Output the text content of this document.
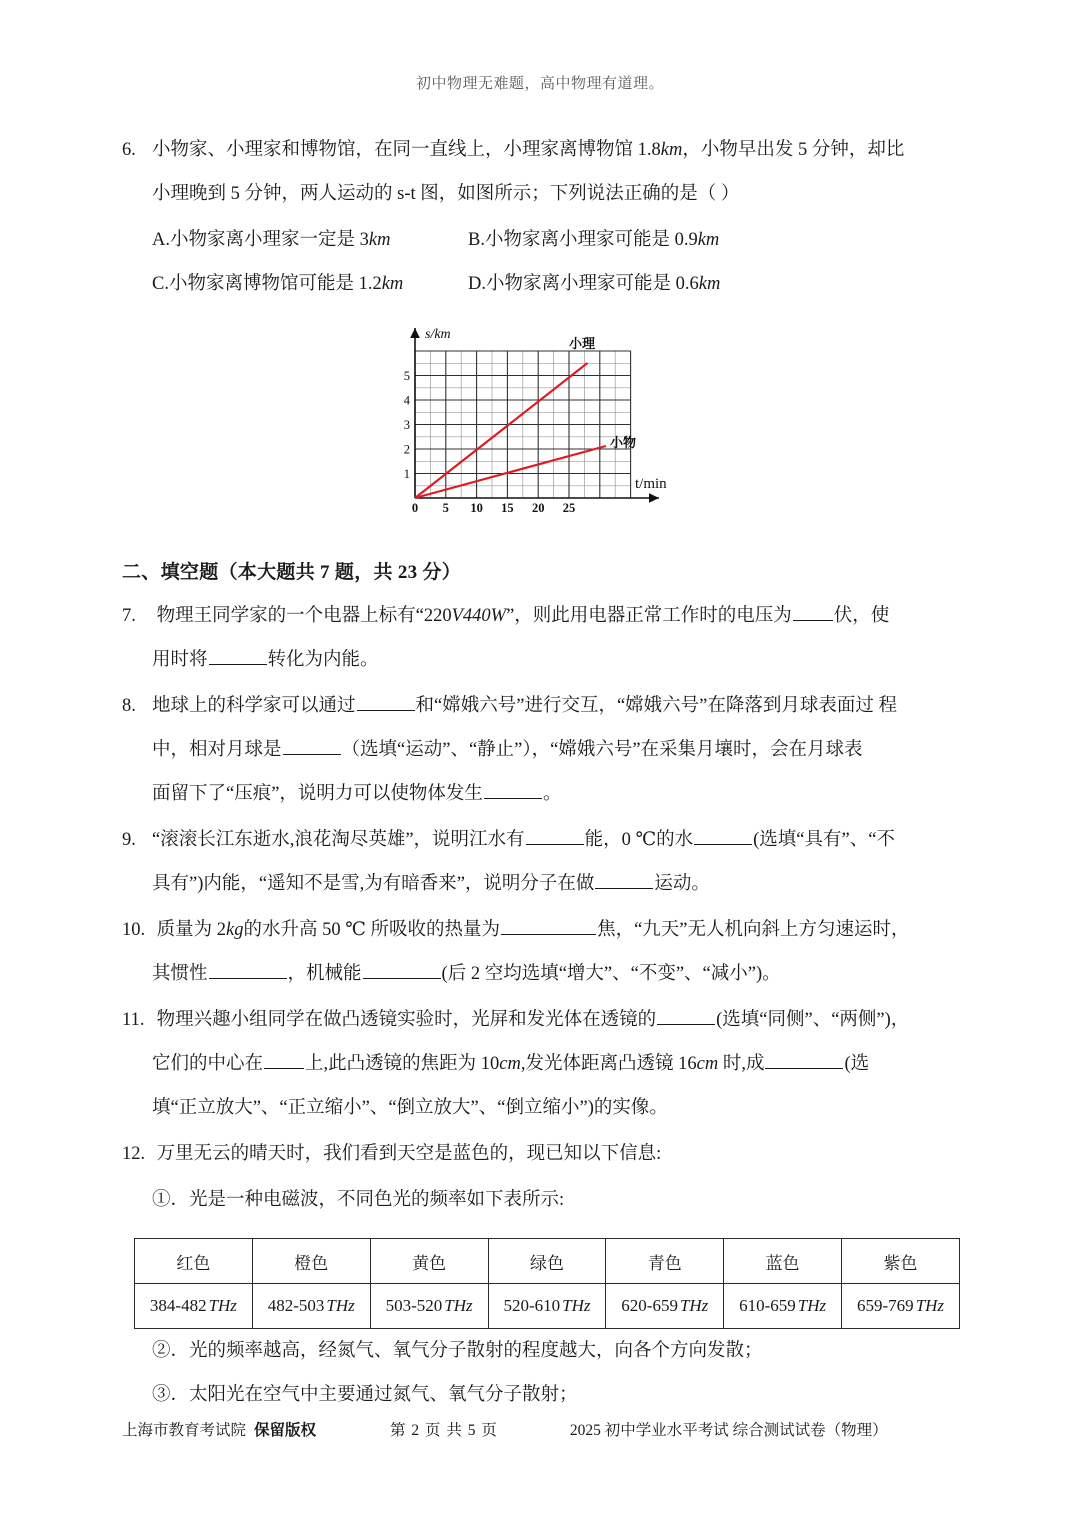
初中物理无难题，高中物理有道理。
6. 小物家、小理家和博物馆，在同一直线上，小理家离博物馆 1.8km，小物早出发 5 分钟，却比
小理晚到 5 分钟，两人运动的 s-t 图，如图所示；下列说法正确的是（ ）
A.小物家离小理家一定是 3km	B.小物家离小理家可能是 0.9km
C.小物家离博物馆可能是 1.2km	D.小物家离小理家可能是 0.6km
s/km
t/min
1
2
3
4
5
0 5 10 15 20 25
小理
小物
二、填空题（本大题共 7 题，共 23 分）
7. 物理王同学家的一个电器上标有“220V440W”，则此用电器正常工作时的电压为 伏，使
用时将	转化为内能。
8. 地球上的科学家可以通过	和“嫦娥六号”进行交互，“嫦娥六号”在降落到月球表面过 程
中，相对月球是	（选填“运动”、“静止”），“嫦娥六号”在采集月壤时，会在月球表
面留下了“压痕”，说明力可以使物体发生	。
9. “滚滚长江东逝水,浪花淘尽英雄”，说明江水有	能，0 ℃的水	(选填“具有”、“不
具有”)内能，“遥知不是雪,为有暗香来”，说明分子在做	运动。
10. 质量为 2kg的水升高 50 ℃ 所吸收的热量为	焦，“九天”无人机向斜上方匀速运时，
其惯性	，机械能	(后 2 空均选填“增大”、“不变”、“减小”)。
11. 物理兴趣小组同学在做凸透镜实验时，光屏和发光体在透镜的	(选填“同侧”、“两侧”)，
它们的中心在 上,此凸透镜的焦距为 10cm,发光体距离凸透镜 16cm 时,成	(选
填“正立放大”、“正立缩小”、“倒立放大”、“倒立缩小”)的实像。
12. 万里无云的晴天时，我们看到天空是蓝色的，现已知以下信息:
①．光是一种电磁波，不同色光的频率如下表所示:
红色	橙色	黄色	绿色	青色	蓝色	紫色
384-482 THz	482-503 THz	503-520 THz	520-610 THz	620-659 THz	610-659 THz	659-769 THz
②．光的频率越高，经氮气、氧气分子散射的程度越大，向各个方向发散；
③．太阳光在空气中主要通过氮气、氧气分子散射；
上海市教育考试院 保留版权	第 2 页 共 5 页	2025 初中学业水平考试 综合测试试卷（物理）
